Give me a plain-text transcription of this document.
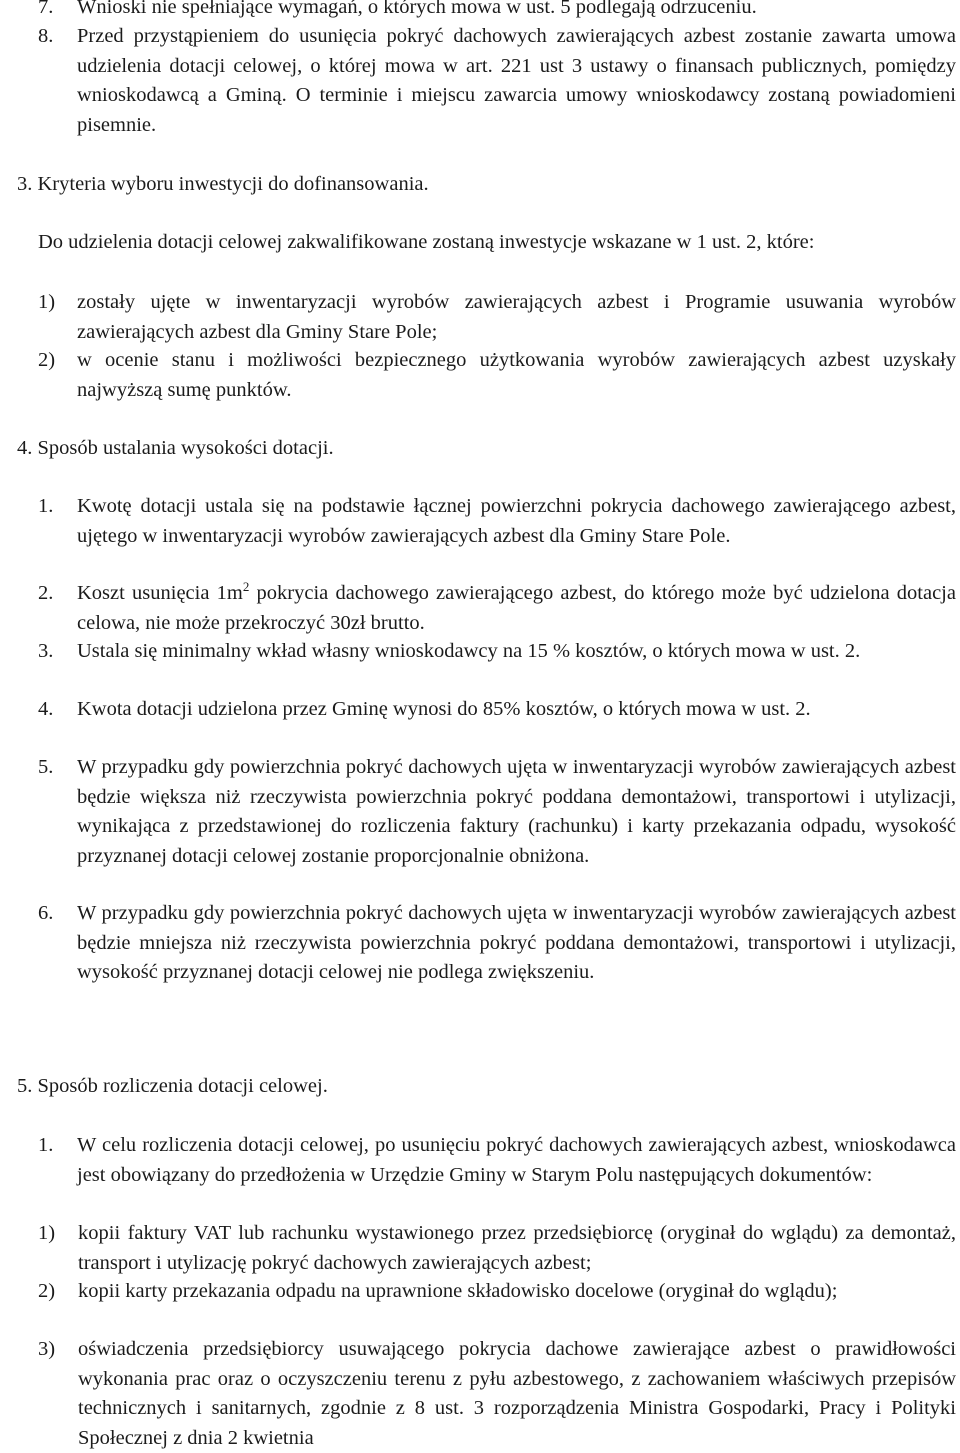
7. Wnioski nie spełniające wymagań, o których mowa w ust. 5 podlegają odrzuceniu.
8. Przed przystąpieniem do usunięcia pokryć dachowych zawierających azbest zostanie zawarta umowa udzielenia dotacji celowej, o której mowa w art. 221 ust 3 ustawy o finansach publicznych, pomiędzy wnioskodawcą a Gminą. O terminie i miejscu zawarcia umowy wnioskodawcy zostaną powiadomieni pisemnie.
3. Kryteria wyboru inwestycji do dofinansowania.
Do udzielenia dotacji celowej zakwalifikowane zostaną inwestycje wskazane w 1 ust. 2, które:
1) zostały ujęte w inwentaryzacji wyrobów zawierających azbest i Programie usuwania wyrobów zawierających azbest dla Gminy Stare Pole;
2) w ocenie stanu i możliwości bezpiecznego użytkowania wyrobów zawierających azbest uzyskały najwyższą sumę punktów.
4. Sposób ustalania wysokości dotacji.
1. Kwotę dotacji ustala się na podstawie łącznej powierzchni pokrycia dachowego zawierającego azbest, ujętego w inwentaryzacji wyrobów zawierających azbest dla Gminy Stare Pole.
2. Koszt usunięcia $1m^2$ pokrycia dachowego zawierającego azbest, do którego może być udzielona dotacja celowa, nie może przekroczyć 30zł brutto.
3. Ustala się minimalny wkład własny wnioskodawcy na 15 % kosztów, o których mowa w ust. 2.
4. Kwota dotacji udzielona przez Gminę wynosi do 85% kosztów, o których mowa w ust. 2.
5. W przypadku gdy powierzchnia pokryć dachowych ujęta w inwentaryzacji wyrobów zawierających azbest będzie większa niż rzeczywista powierzchnia pokryć poddana demontażowi, transportowi i utylizacji, wynikająca z przedstawionej do rozliczenia faktury (rachunku) i karty przekazania odpadu, wysokość przyznanej dotacji celowej zostanie proporcjonalnie obniżona.
6. W przypadku gdy powierzchnia pokryć dachowych ujęta w inwentaryzacji wyrobów zawierających azbest będzie mniejsza niż rzeczywista powierzchnia pokryć poddana demontażowi, transportowi i utylizacji, wysokość przyznanej dotacji celowej nie podlega zwiększeniu.
5. Sposób rozliczenia dotacji celowej.
1. W celu rozliczenia dotacji celowej, po usunięciu pokryć dachowych zawierających azbest, wnioskodawca jest obowiązany do przedłożenia w Urzędzie Gminy w Starym Polu następujących dokumentów:
1) kopii faktury VAT lub rachunku wystawionego przez przedsiębiorcę (oryginał do wglądu) za demontaż, transport i utylizację pokryć dachowych zawierających azbest;
2) kopii karty przekazania odpadu na uprawnione składowisko docelowe (oryginał do wglądu);
3) oświadczenia przedsiębiorcy usuwającego pokrycia dachowe zawierające azbest o prawidłowości wykonania prac oraz o oczyszczeniu terenu z pyłu azbestowego, z zachowaniem właściwych przepisów technicznych i sanitarnych, zgodnie z 8 ust. 3 rozporządzenia Ministra Gospodarki, Pracy i Polityki Społecznej z dnia 2 kwietnia
